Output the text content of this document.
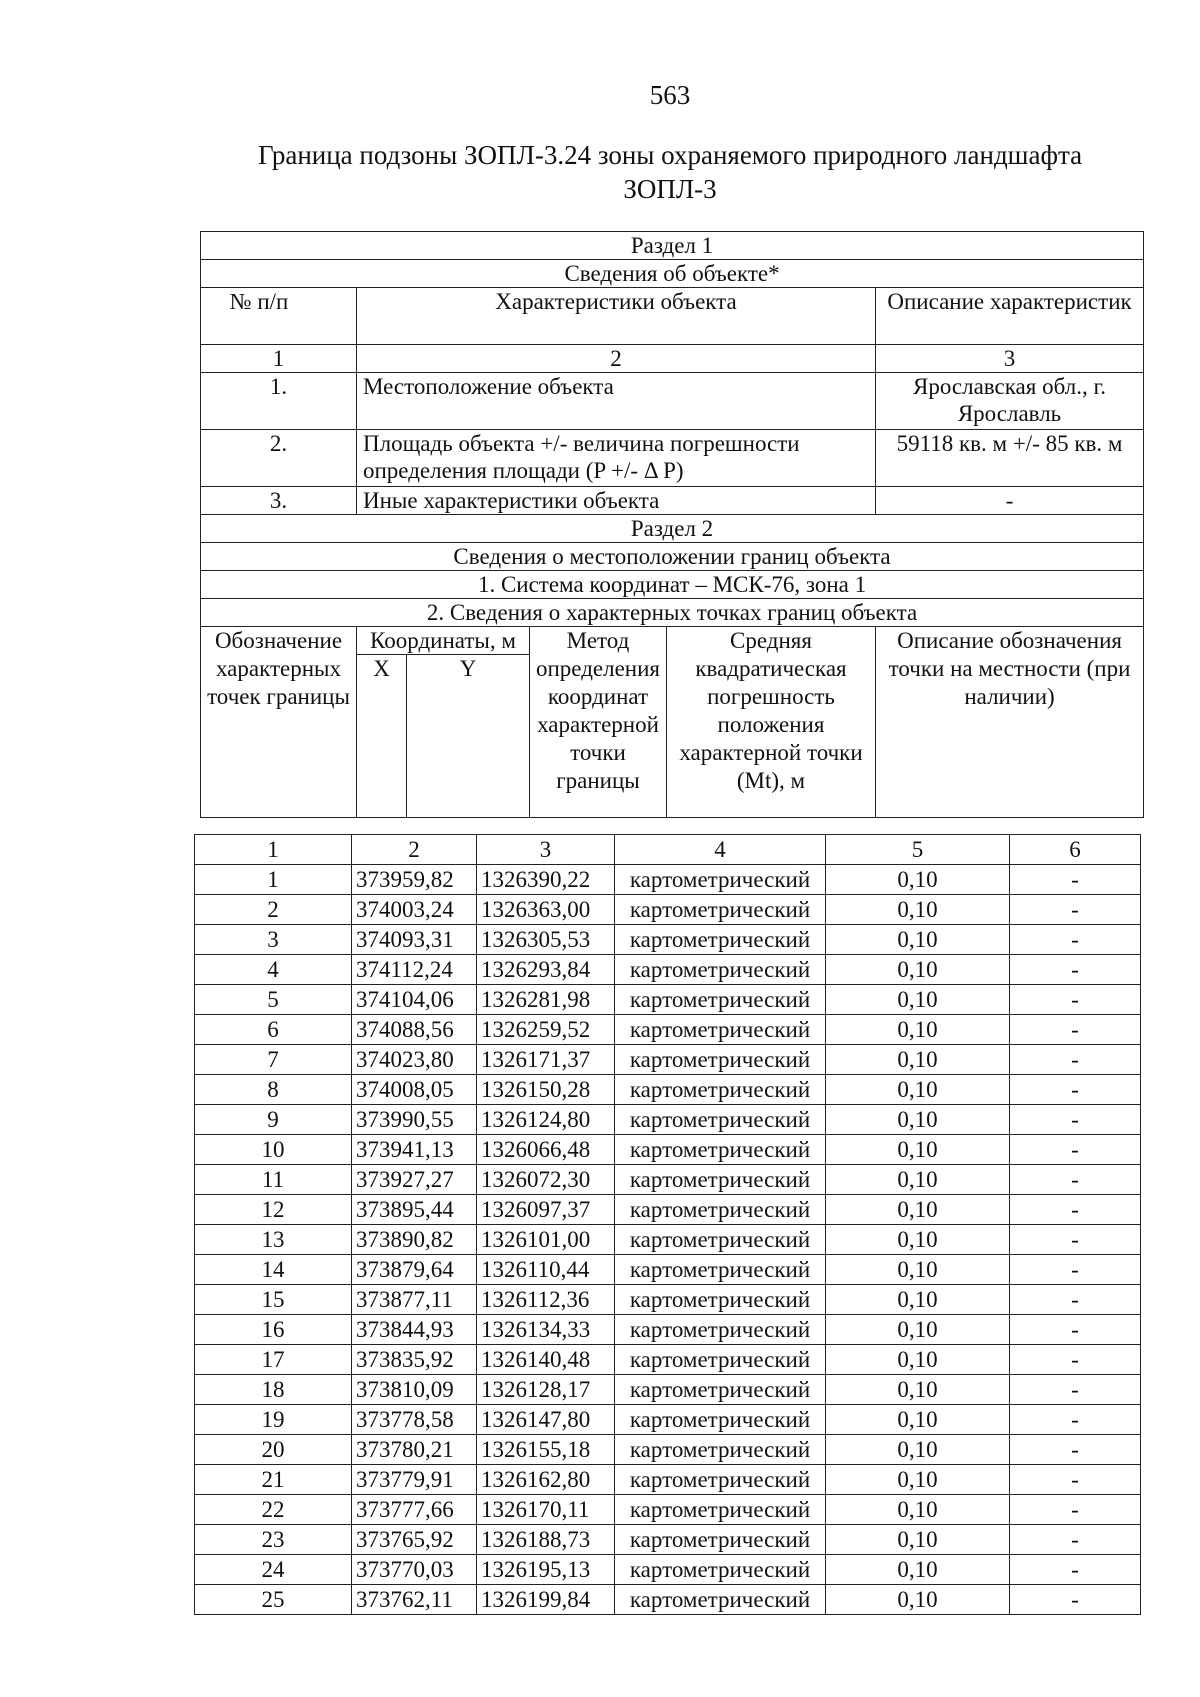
563
Граница подзоны ЗОПЛ-3.24 зоны охраняемого природного ландшафта
ЗОПЛ-3
Раздел 1					
Сведения об объекте*					

№ п/п	Характеристики объекта				Описание характеристик
1	2				3
1.	Местоположение объекта				Ярославская обл., г. Ярославль
2.	Площадь объекта +/- величина погрешности определения площади (P +/- Δ P)				59118 кв. м +/- 85 кв. м
3.	Иные характеристики объекта				-
Раздел 2					
Сведения о местоположении границ объекта					
1. Система координат – МСК-76, зона 1					
2. Сведения о характерных точках границ объекта					
Обозначение характерных точек границы	Координаты, м		Метод определения координат характерной точки границы	Средняя квадратическая погрешность положения характерной точки (Mt), м	Описание обозначения точки на местности (при наличии)
	X	Y			
1	2	3	4	5	6
1	373959,82	1326390,22	картометрический	0,10	-
2	374003,24	1326363,00	картометрический	0,10	-
3	374093,31	1326305,53	картометрический	0,10	-
4	374112,24	1326293,84	картометрический	0,10	-
5	374104,06	1326281,98	картометрический	0,10	-
6	374088,56	1326259,52	картометрический	0,10	-
7	374023,80	1326171,37	картометрический	0,10	-
8	374008,05	1326150,28	картометрический	0,10	-
9	373990,55	1326124,80	картометрический	0,10	-
10	373941,13	1326066,48	картометрический	0,10	-
11	373927,27	1326072,30	картометрический	0,10	-
12	373895,44	1326097,37	картометрический	0,10	-
13	373890,82	1326101,00	картометрический	0,10	-
14	373879,64	1326110,44	картометрический	0,10	-
15	373877,11	1326112,36	картометрический	0,10	-
16	373844,93	1326134,33	картометрический	0,10	-
17	373835,92	1326140,48	картометрический	0,10	-
18	373810,09	1326128,17	картометрический	0,10	-
19	373778,58	1326147,80	картометрический	0,10	-
20	373780,21	1326155,18	картометрический	0,10	-
21	373779,91	1326162,80	картометрический	0,10	-
22	373777,66	1326170,11	картометрический	0,10	-
23	373765,92	1326188,73	картометрический	0,10	-
24	373770,03	1326195,13	картометрический	0,10	-
25	373762,11	1326199,84	картометрический	0,10	-
